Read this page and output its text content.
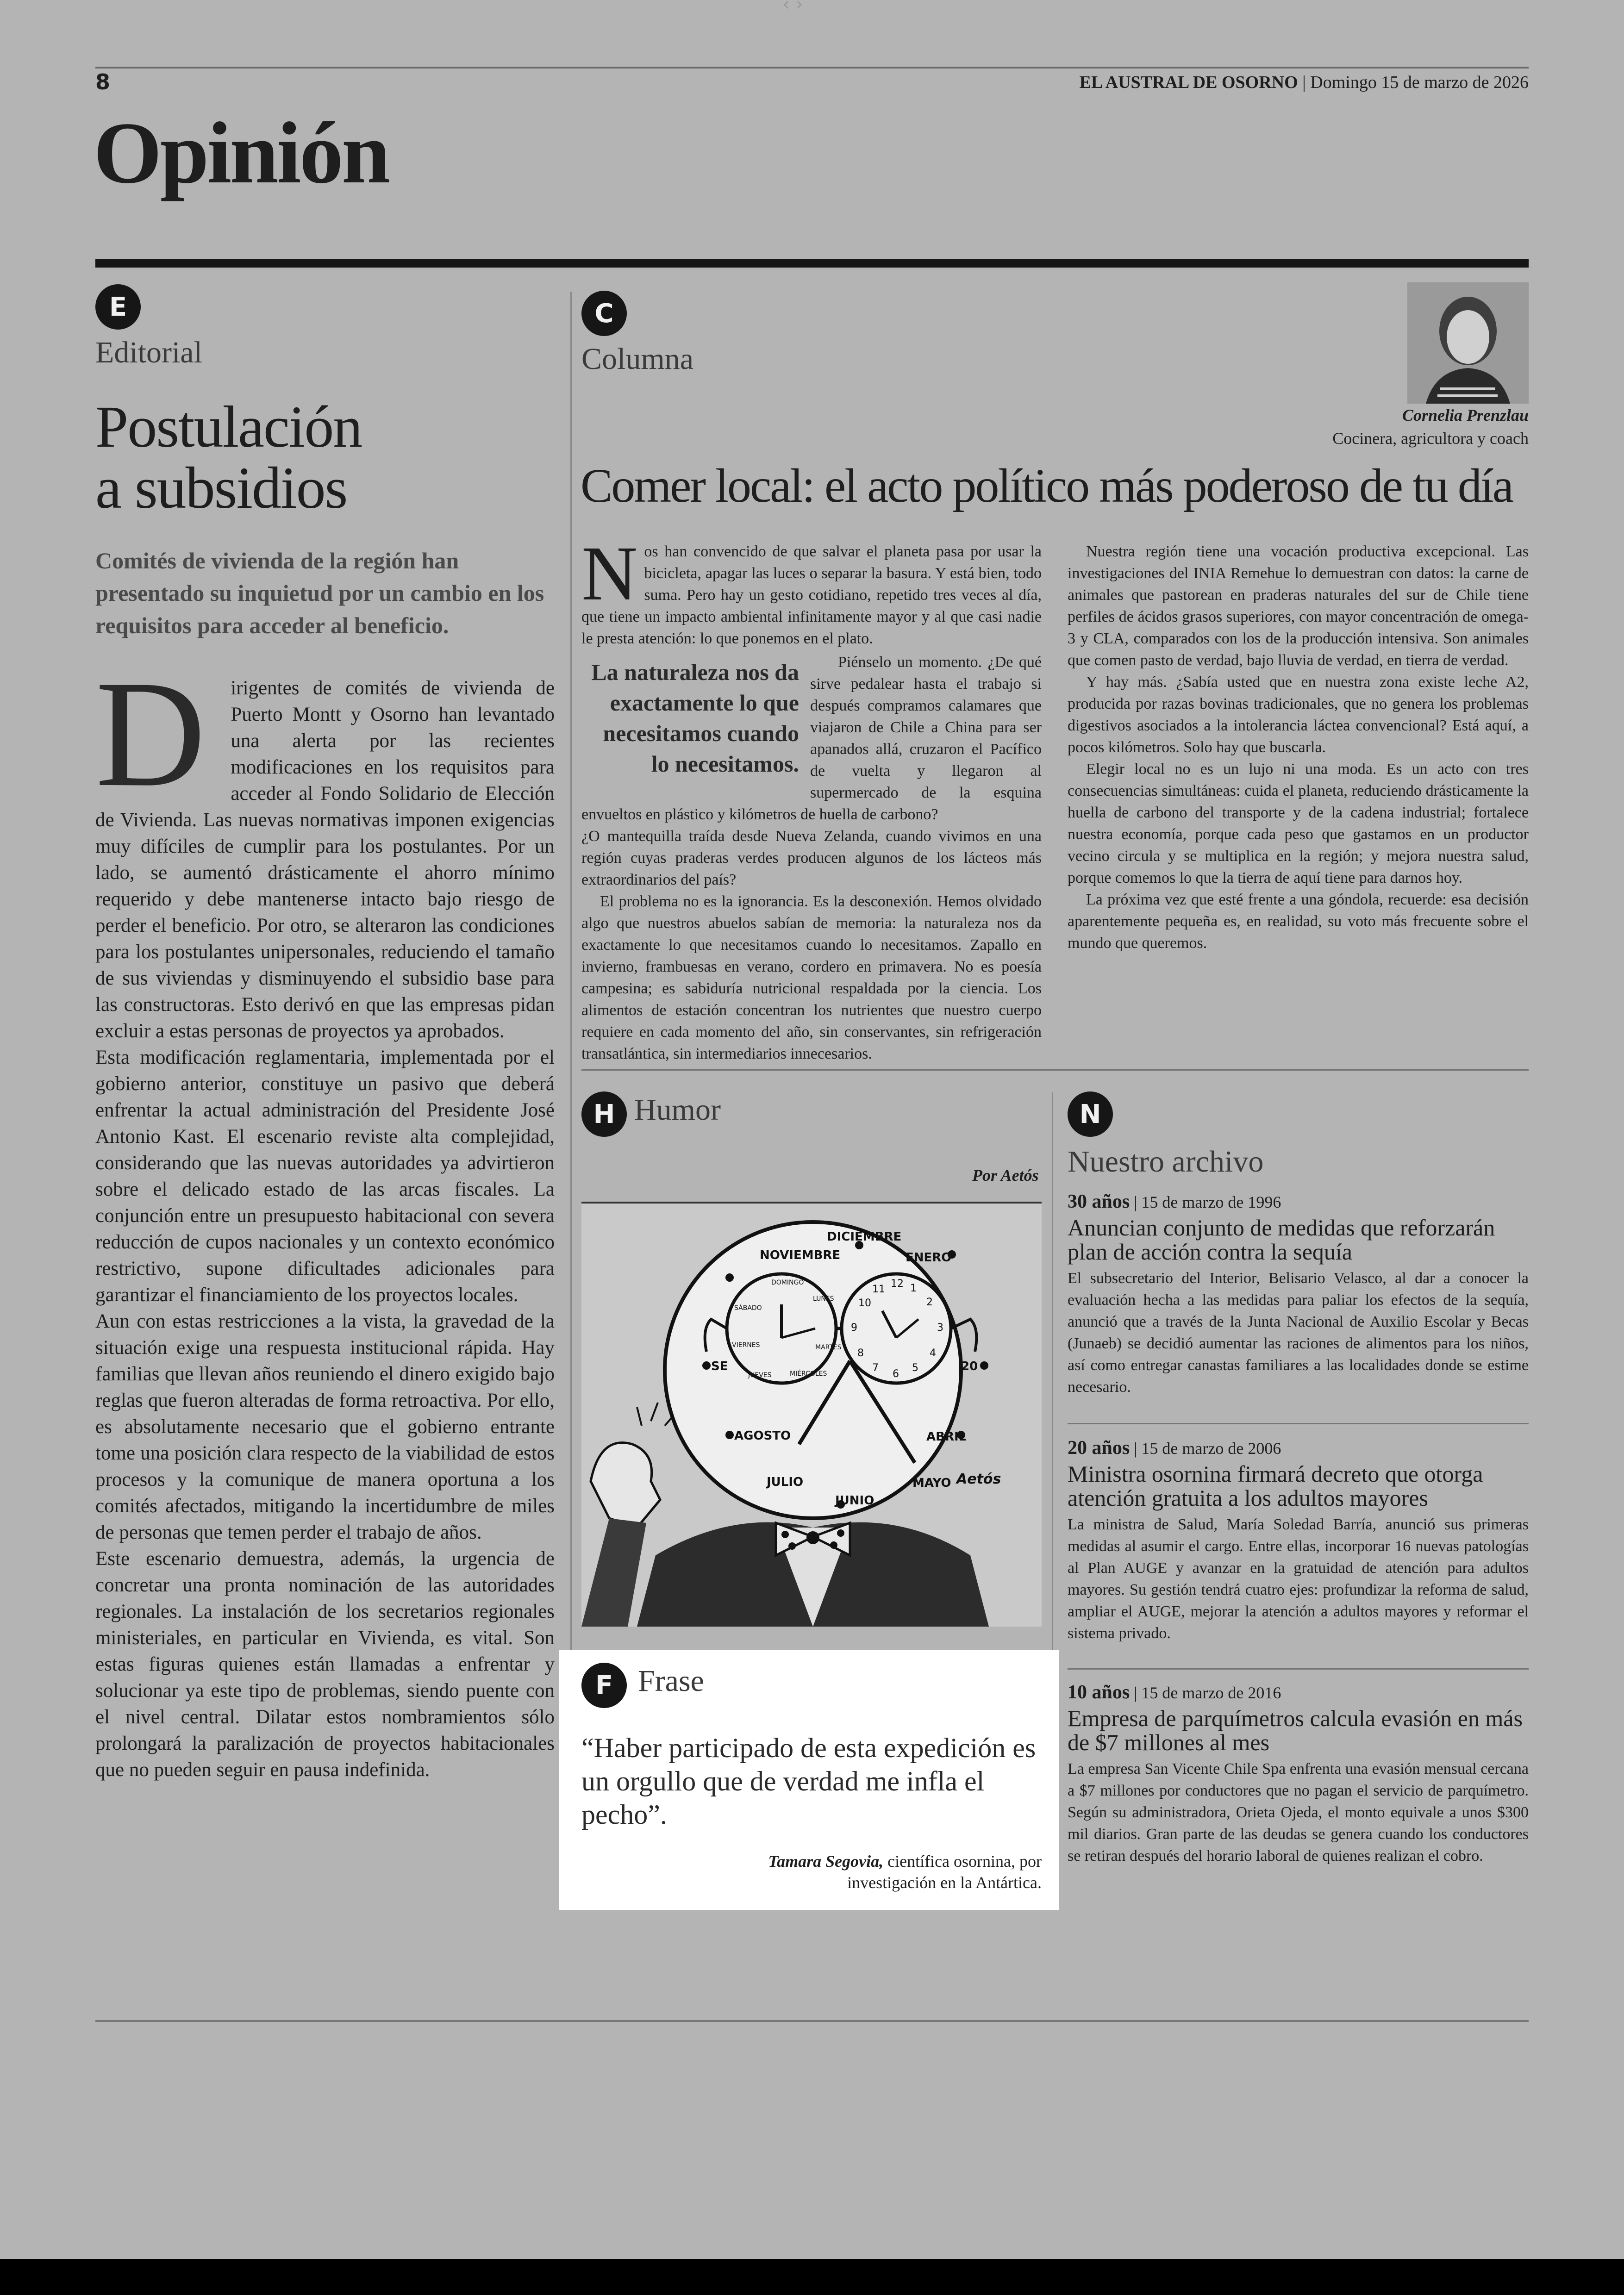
‹ ›
8	EL AUSTRAL DE OSORNO | Domingo 15 de marzo de 2026
Opinión
E
Editorial
Postulación
a subsidios
Comités de vivienda de la región han presentado su inquietud por un cambio en los requisitos para acceder al beneficio.
D irigentes de comités de vivienda de Puerto Montt y Osorno han levantado una alerta por las recientes modificaciones en los requisitos para acceder al Fondo Solidario de Elección de Vivienda. Las nuevas normativas imponen exigencias muy difíciles de cumplir para los postulantes. Por un lado, se aumentó drásticamente el ahorro mínimo requerido y debe mantenerse intacto bajo riesgo de perder el beneficio. Por otro, se alteraron las condiciones para los postulantes unipersonales, reduciendo el tamaño de sus viviendas y disminuyendo el subsidio base para las constructoras. Esto derivó en que las empresas pidan excluir a estas personas de proyectos ya aprobados.
Esta modificación reglamentaria, implementada por el gobierno anterior, constituye un pasivo que deberá enfrentar la actual administración del Presidente José Antonio Kast. El escenario reviste alta complejidad, considerando que las nuevas autoridades ya advirtieron sobre el delicado estado de las arcas fiscales. La conjunción entre un presupuesto habitacional con severa reducción de cupos nacionales y un contexto económico restrictivo, supone dificultades adicionales para garantizar el financiamiento de los proyectos locales.
Aun con estas restricciones a la vista, la gravedad de la situación exige una respuesta institucional rápida. Hay familias que llevan años reuniendo el dinero exigido bajo reglas que fueron alteradas de forma retroactiva. Por ello, es absolutamente necesario que el gobierno entrante tome una posición clara respecto de la viabilidad de estos procesos y la comunique de manera oportuna a los comités afectados, mitigando la incertidumbre de miles de personas que temen perder el trabajo de años.
Este escenario demuestra, además, la urgencia de concretar una pronta nominación de las autoridades regionales. La instalación de los secretarios regionales ministeriales, en particular en Vivienda, es vital. Son estas figuras quienes están llamadas a enfrentar y solucionar ya este tipo de problemas, siendo puente con el nivel central. Dilatar estos nombramientos sólo prolongará la paralización de proyectos habitacionales que no pueden seguir en pausa indefinida.
C
Columna
Cornelia Prenzlau
Cocinera, agricultora y coach
Comer local: el acto político más poderoso de tu día
Nos han convencido de que salvar el planeta pasa por usar la bicicleta, apagar las luces o separar la basura. Y está bien, todo suma. Pero hay un gesto cotidiano, repetido tres veces al día, que tiene un impacto ambiental infinitamente mayor y al que casi nadie le presta atención: lo que ponemos en el plato.
La naturaleza nos da exactamente lo que necesitamos cuando lo necesitamos.
Piénselo un momento. ¿De qué sirve pedalear hasta el trabajo si después compramos calamares que viajaron de Chile a China para ser apanados allá, cruzaron el Pacífico de vuelta y llegaron al supermercado de la esquina envueltos en plástico y kilómetros de huella de carbono?
¿O mantequilla traída desde Nueva Zelanda, cuando vivimos en una región cuyas praderas verdes producen algunos de los lácteos más extraordinarios del país?
El problema no es la ignorancia. Es la desconexión. Hemos olvidado algo que nuestros abuelos sabían de memoria: la naturaleza nos da exactamente lo que necesitamos cuando lo necesitamos. Zapallo en invierno, frambuesas en verano, cordero en primavera. No es poesía campesina; es sabiduría nutricional respaldada por la ciencia. Los alimentos de estación concentran los nutrientes que nuestro cuerpo requiere en cada momento del año, sin conservantes, sin refrigeración transatlántica, sin intermediarios innecesarios.
Nuestra región tiene una vocación productiva excepcional. Las investigaciones del INIA Remehue lo demuestran con datos: la carne de animales que pastorean en praderas naturales del sur de Chile tiene perfiles de ácidos grasos superiores, con mayor concentración de omega-3 y CLA, comparados con los de la producción intensiva. Son animales que comen pasto de verdad, bajo lluvia de verdad, en tierra de verdad.
Y hay más. ¿Sabía usted que en nuestra zona existe leche A2, producida por razas bovinas tradicionales, que no genera los problemas digestivos asociados a la intolerancia láctea convencional? Está aquí, a pocos kilómetros. Solo hay que buscarla.
Elegir local no es un lujo ni una moda. Es un acto con tres consecuencias simultáneas: cuida el planeta, reduciendo drásticamente la huella de carbono del transporte y de la cadena industrial; fortalece nuestra economía, porque cada peso que gastamos en un productor vecino circula y se multiplica en la región; y mejora nuestra salud, porque comemos lo que la tierra de aquí tiene para darnos hoy.
La próxima vez que esté frente a una góndola, recuerde: esa decisión aparentemente pequeña es, en realidad, su voto más frecuente sobre el mundo que queremos.
H Humor
Por Aetós
DICIEMBRE
NOVIEMBRE	ENERO
SE	20
AGOSTO	ABRIL
JULIO
JUNIO
MAYO
DOMINGO
LUNES
SÁBADO
VIERNES	MARTES
JUEVES	MIÉRCOLES
12 1
2
3
4
5
6
7
8
9
10
11
Aetós
F Frase
“Haber participado de esta expedición es un orgullo que de verdad me infla el pecho”.
Tamara Segovia, científica osornina, por
investigación en la Antártica.
N
Nuestro archivo
30 años | 15 de marzo de 1996
Anuncian conjunto de medidas que reforzarán plan de acción contra la sequía
El subsecretario del Interior, Belisario Velasco, al dar a conocer la evaluación hecha a las medidas para paliar los efectos de la sequía, anunció que a través de la Junta Nacional de Auxilio Escolar y Becas (Junaeb) se decidió aumentar las raciones de alimentos para los niños, así como entregar canastas familiares a las localidades donde se estime necesario.
20 años | 15 de marzo de 2006
Ministra osornina firmará decreto que otorga atención gratuita a los adultos mayores
La ministra de Salud, María Soledad Barría, anunció sus primeras medidas al asumir el cargo. Entre ellas, incorporar 16 nuevas patologías al Plan AUGE y avanzar en la gratuidad de atención para adultos mayores. Su gestión tendrá cuatro ejes: profundizar la reforma de salud, ampliar el AUGE, mejorar la atención a adultos mayores y reformar el sistema privado.
10 años | 15 de marzo de 2016
Empresa de parquímetros calcula evasión en más de $7 millones al mes
La empresa San Vicente Chile Spa enfrenta una evasión mensual cercana a $7 millones por conductores que no pagan el servicio de parquímetro. Según su administradora, Orieta Ojeda, el monto equivale a unos $300 mil diarios. Gran parte de las deudas se genera cuando los conductores se retiran después del horario laboral de quienes realizan el cobro.
